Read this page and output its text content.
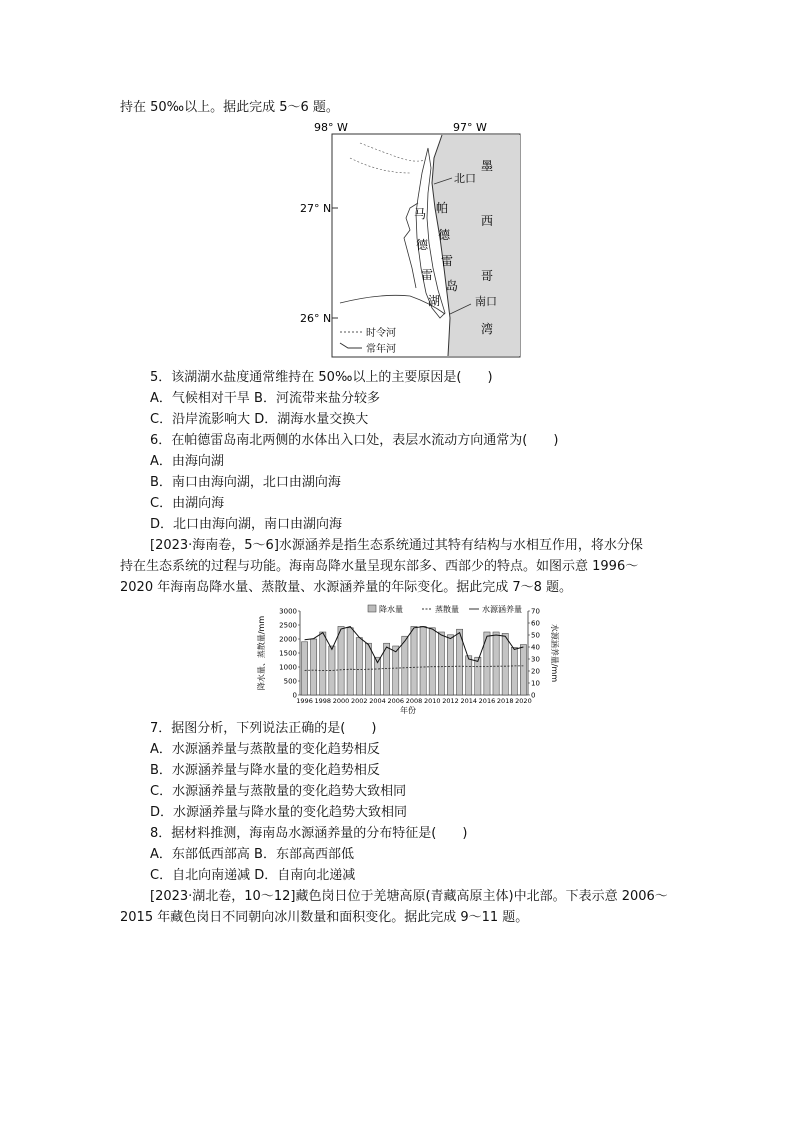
持在 50‰以上。据此完成 5～6 题。
98° W	97° W
27° N
26° N
墨
西
哥
湾
马
德
雷
湖
帕
德
雷
岛
北口
南口
时令河
常年河
5．该湖湖水盐度通常维持在 50‰以上的主要原因是(　　)
A．气候相对干旱 B．河流带来盐分较多
C．沿岸流影响大 D．湖海水量交换大
6．在帕德雷岛南北两侧的水体出入口处，表层水流动方向通常为(　　)
A．由海向湖
B．南口由海向湖，北口由湖向海
C．由湖向海
D．北口由海向湖，南口由湖向海
[2023·海南卷，5～6]水源涵养是指生态系统通过其特有结构与水相互作用，将水分保
持在生态系统的过程与功能。海南岛降水量呈现东部多、西部少的特点。如图示意 1996～
2020 年海南岛降水量、蒸散量、水源涵养量的年际变化。据此完成 7～8 题。
降水量、蒸散量/mm	水源涵养量/mm
年份
降水量	蒸散量	水源涵养量
0
500
1000
1500
2000
2500
3000
0
10
20
30
40
50
60
70
1996 1998 2000 2002 2004 2006 2008 2010 2012 2014 2016 2018 2020
7．据图分析，下列说法正确的是(　　)
A．水源涵养量与蒸散量的变化趋势相反
B．水源涵养量与降水量的变化趋势相反
C．水源涵养量与蒸散量的变化趋势大致相同
D．水源涵养量与降水量的变化趋势大致相同
8．据材料推测，海南岛水源涵养量的分布特征是(　　)
A．东部低西部高 B．东部高西部低
C．自北向南递减 D．自南向北递减
[2023·湖北卷，10～12]藏色岗日位于羌塘高原(青藏高原主体)中北部。下表示意 2006～
2015 年藏色岗日不同朝向冰川数量和面积变化。据此完成 9～11 题。
